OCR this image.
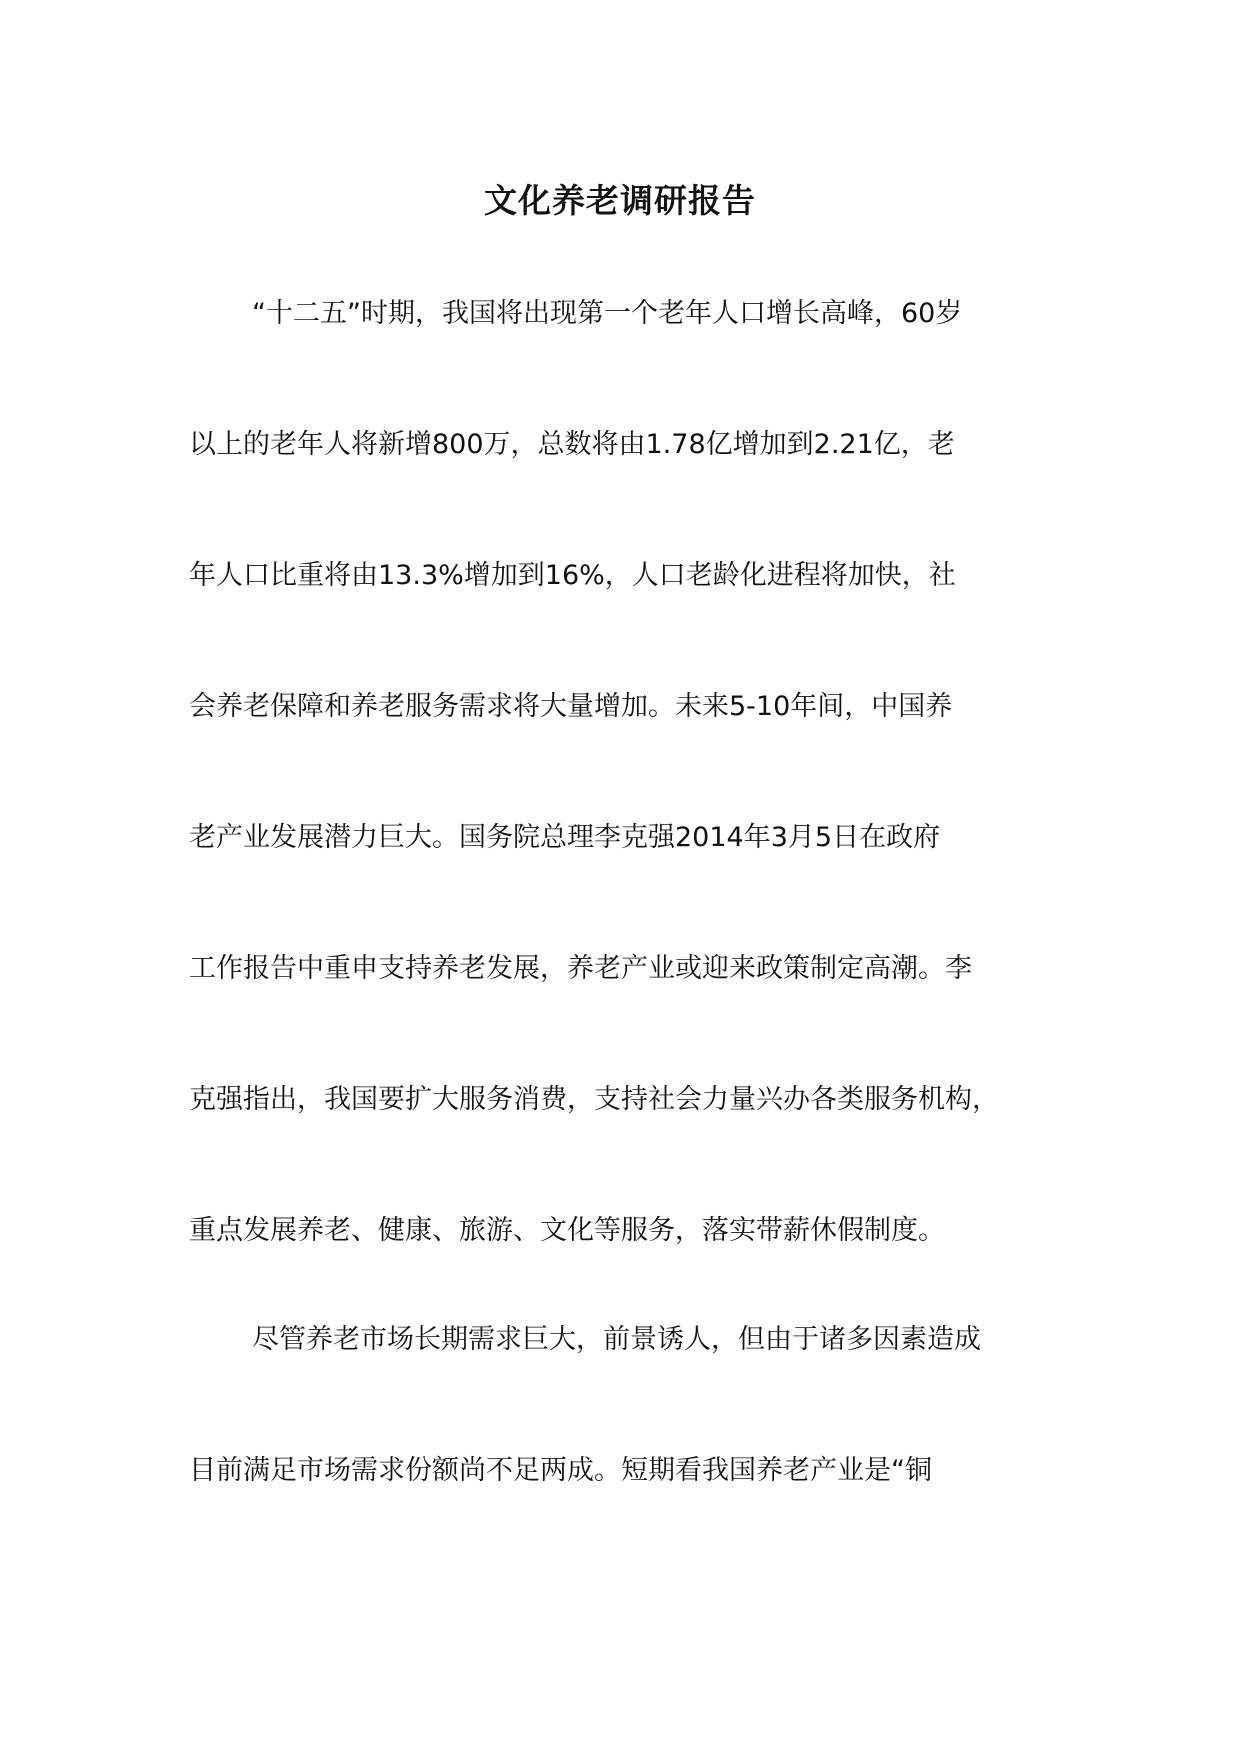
文化养老调研报告
“十二五”时期，我国将出现第一个老年人口增长高峰，60岁
以上的老年人将新增800万，总数将由1.78亿增加到2.21亿，老
年人口比重将由13.3%增加到16%，人口老龄化进程将加快，社
会养老保障和养老服务需求将大量增加。未来5-10年间，中国养
老产业发展潜力巨大。国务院总理李克强2014年3月5日在政府
工作报告中重申支持养老发展，养老产业或迎来政策制定高潮。李
克强指出，我国要扩大服务消费，支持社会力量兴办各类服务机构，
重点发展养老、健康、旅游、文化等服务，落实带薪休假制度。
尽管养老市场长期需求巨大，前景诱人，但由于诸多因素造成
目前满足市场需求份额尚不足两成。短期看我国养老产业是“铜
